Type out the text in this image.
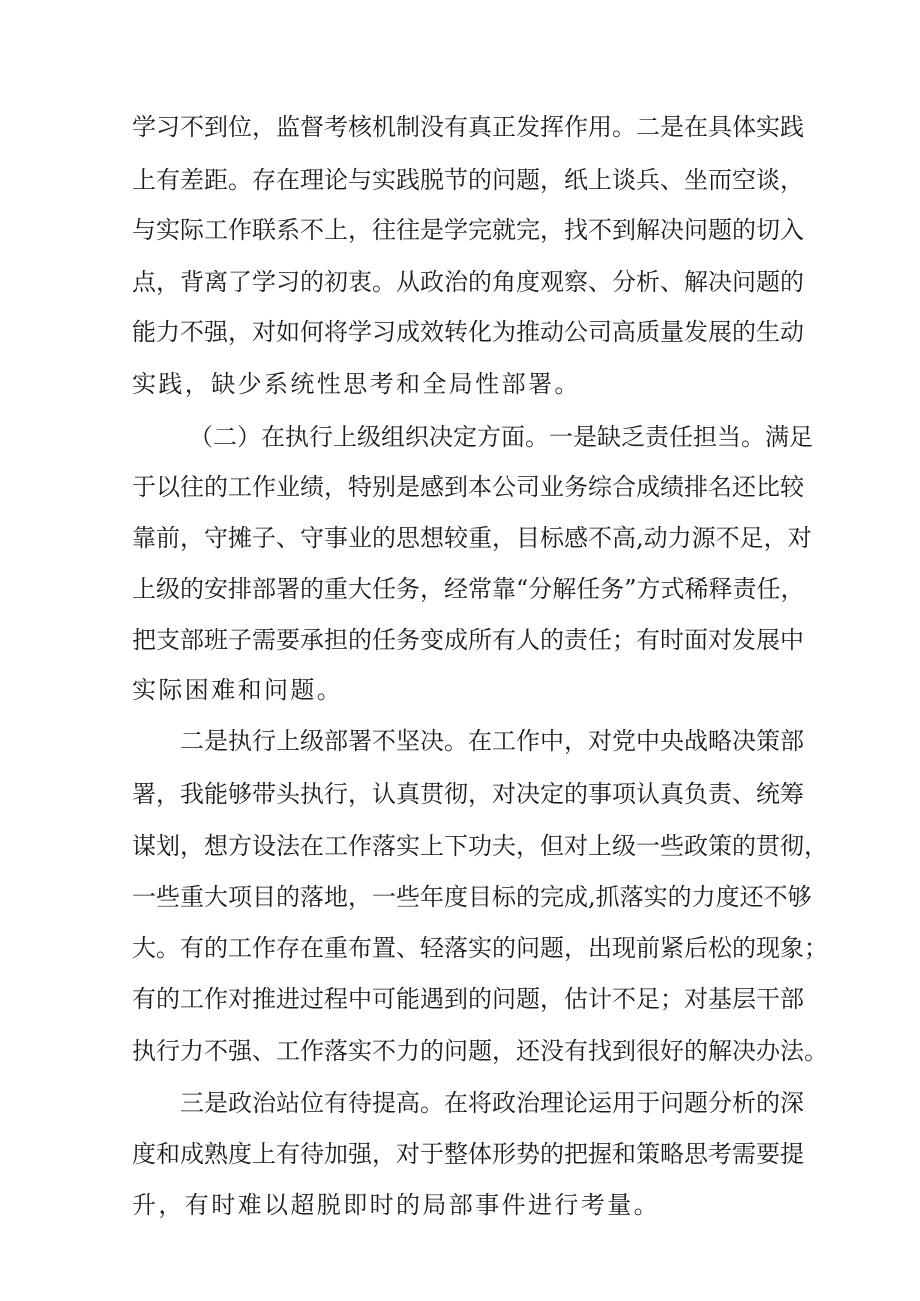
学习不到位，监督考核机制没有真正发挥作用。二是在具体实践
上有差距。存在理论与实践脱节的问题，纸上谈兵、坐而空谈，
与实际工作联系不上，往往是学完就完，找不到解决问题的切入
点，背离了学习的初衷。从政治的角度观察、分析、解决问题的
能力不强，对如何将学习成效转化为推动公司高质量发展的生动
实践，缺少系统性思考和全局性部署。
（二）在执行上级组织决定方面。一是缺乏责任担当。满足
于以往的工作业绩，特别是感到本公司业务综合成绩排名还比较
靠前，守摊子、守事业的思想较重，目标感不高,动力源不足，对
上级的安排部署的重大任务，经常靠“分解任务”方式稀释责任，
把支部班子需要承担的任务变成所有人的责任；有时面对发展中
实际困难和问题。
二是执行上级部署不坚决。在工作中，对党中央战略决策部
署，我能够带头执行，认真贯彻，对决定的事项认真负责、统筹
谋划，想方设法在工作落实上下功夫，但对上级一些政策的贯彻，
一些重大项目的落地，一些年度目标的完成,抓落实的力度还不够
大。有的工作存在重布置、轻落实的问题，出现前紧后松的现象；
有的工作对推进过程中可能遇到的问题，估计不足；对基层干部
执行力不强、工作落实不力的问题，还没有找到很好的解决办法。
三是政治站位有待提高。在将政治理论运用于问题分析的深
度和成熟度上有待加强，对于整体形势的把握和策略思考需要提
升，有时难以超脱即时的局部事件进行考量。
